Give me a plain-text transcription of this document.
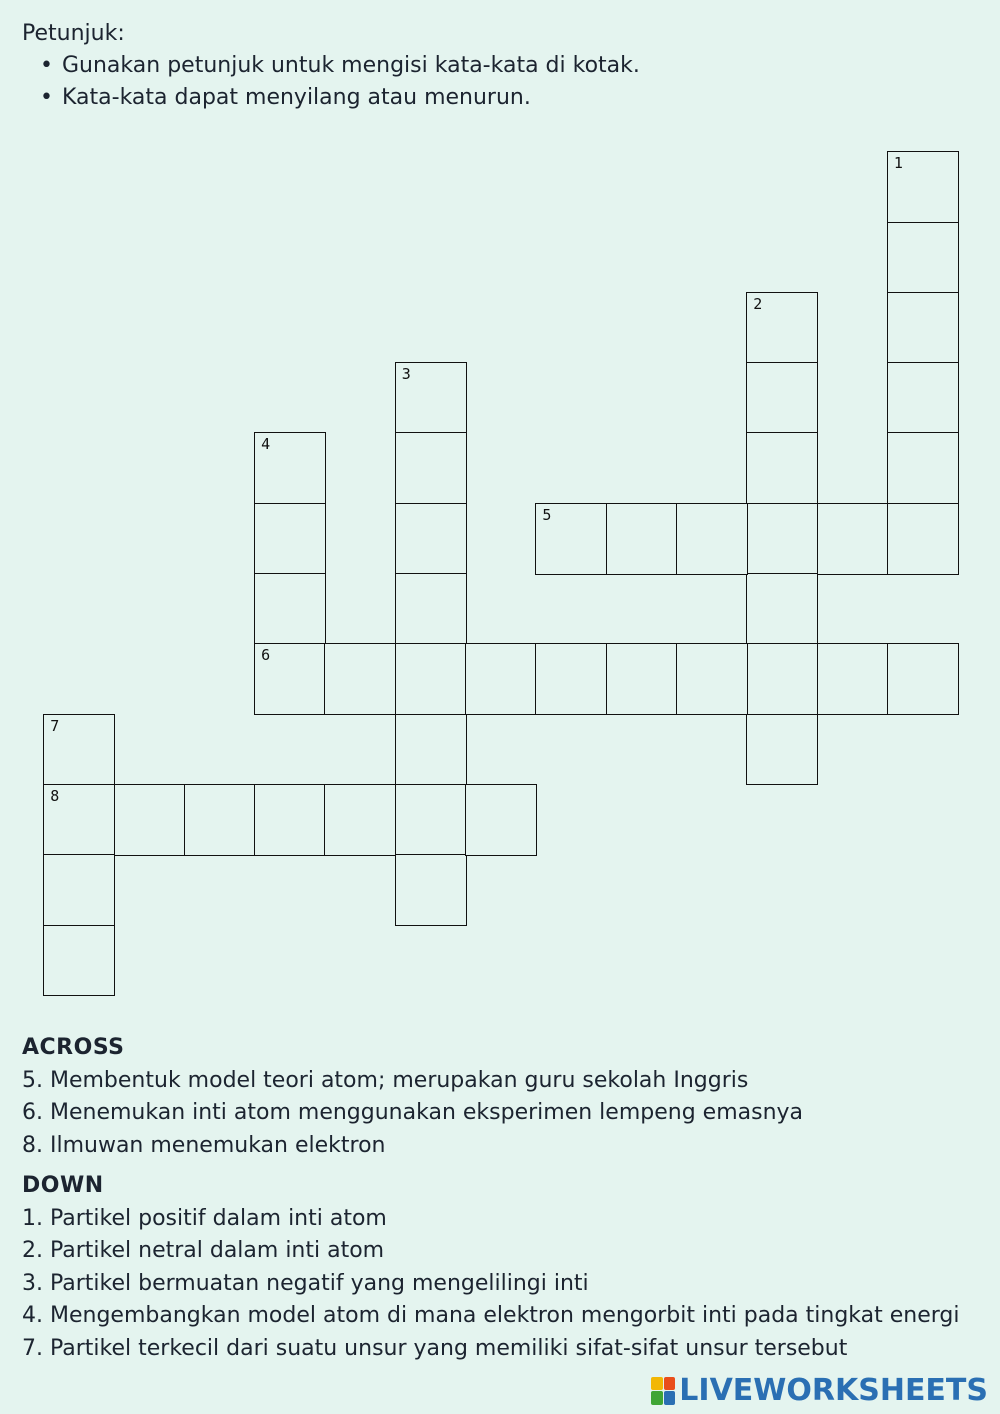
Petunjuk:
• Gunakan petunjuk untuk mengisi kata-kata di kotak.
• Kata-kata dapat menyilang atau menurun.
1
2
3
4
6
5
7
8
ACROSS
5. Membentuk model teori atom; merupakan guru sekolah Inggris
6. Menemukan inti atom menggunakan eksperimen lempeng emasnya
8. Ilmuwan menemukan elektron
DOWN
1. Partikel positif dalam inti atom
2. Partikel netral dalam inti atom
3. Partikel bermuatan negatif yang mengelilingi inti
4. Mengembangkan model atom di mana elektron mengorbit inti pada tingkat energi
7. Partikel terkecil dari suatu unsur yang memiliki sifat-sifat unsur tersebut
LIVEWORKSHEETS
